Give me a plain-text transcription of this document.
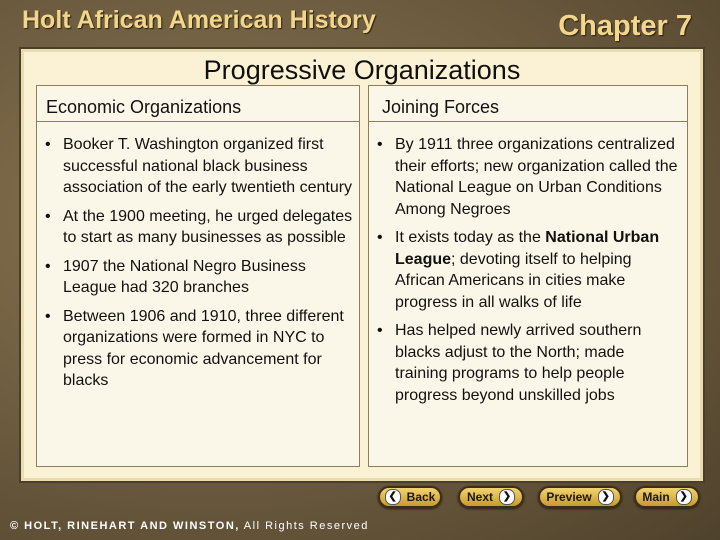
Holt African American History	Chapter 7
Progressive Organizations
Economic Organizations
• Booker T. Washington organized first successful national black business association of the early twentieth century
• At the 1900 meeting, he urged delegates to start as many businesses as possible
• 1907 the National Negro Business League had 320 branches
• Between 1906 and 1910, three different organizations were formed in NYC to press for economic advancement for blacks
Joining Forces
• By 1911 three organizations centralized their efforts; new organization called the National League on Urban Conditions Among Negroes
• It exists today as the National Urban League; devoting itself to helping African Americans in cities make progress in all walks of life
• Has helped newly arrived southern blacks adjust to the North; made training programs to help people progress beyond unskilled jobs
❮ Back	Next ❯	Preview ❯	Main ❯
© HOLT, RINEHART AND WINSTON, All Rights Reserved
